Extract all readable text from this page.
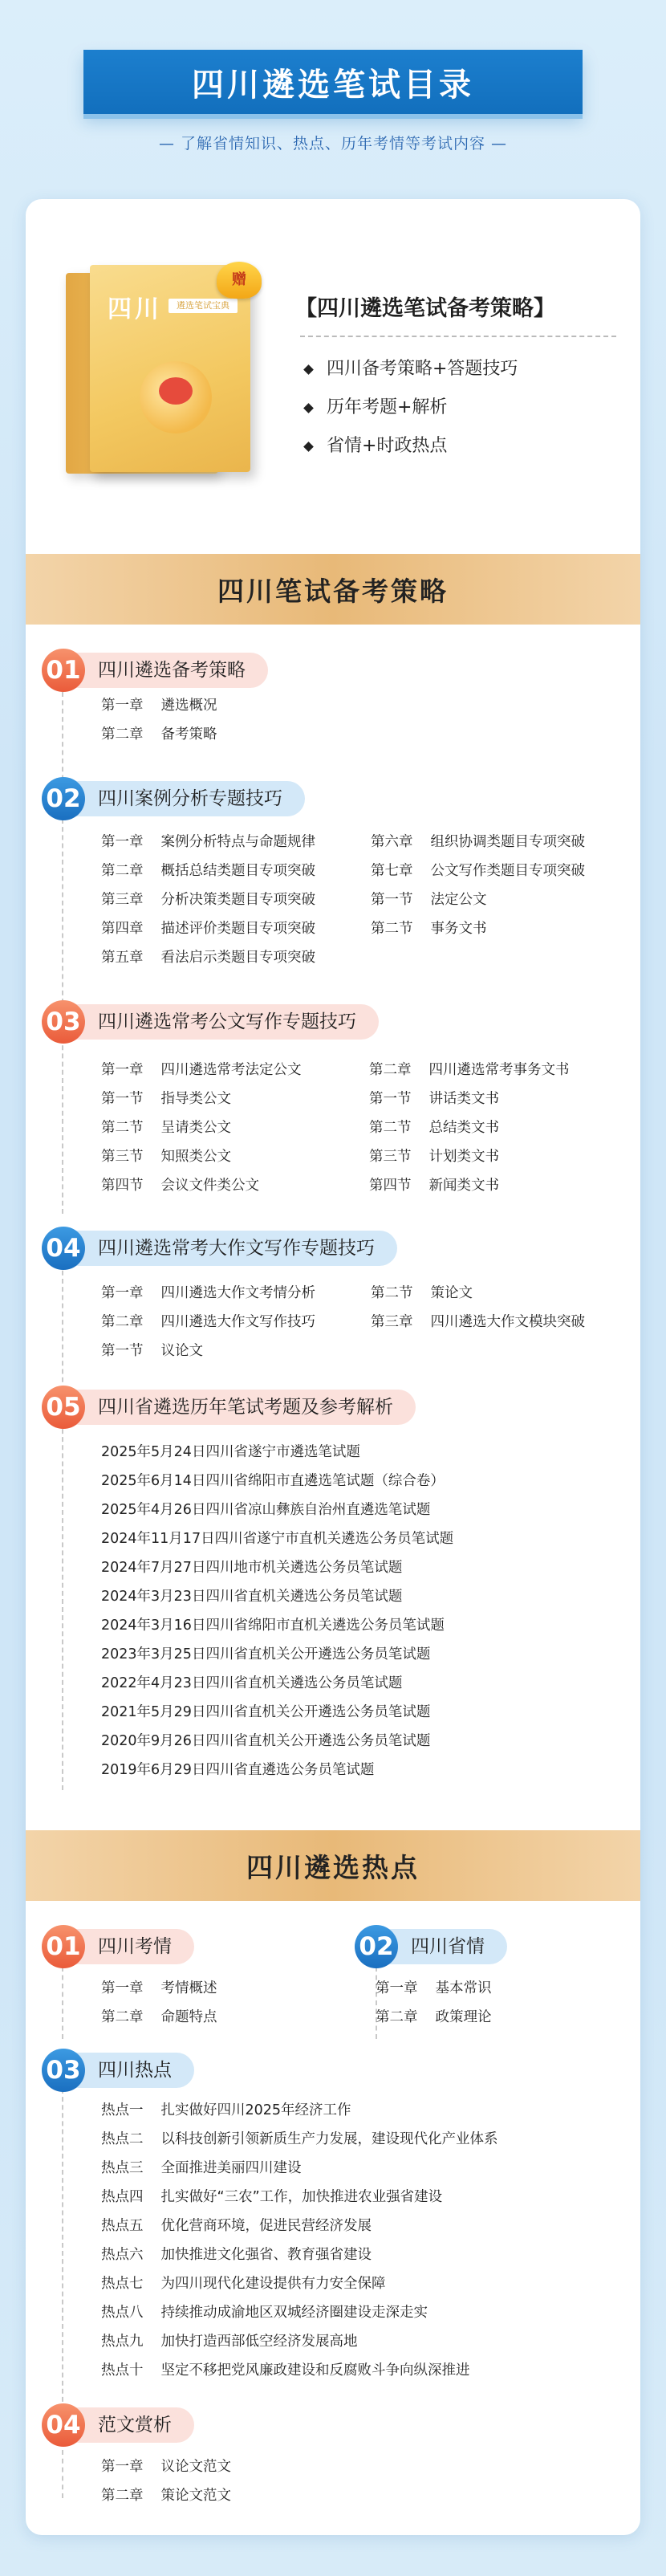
四川遴选笔试目录
— 了解省情知识、热点、历年考情等考试内容 —
四川	遴选笔试宝典
赠
【四川遴选笔试备考策略】
四川备考策略+答题技巧
历年考题+解析
省情+时政热点
四川笔试备考策略
01 四川遴选备考策略
第一章 遴选概况
第二章 备考策略
02 四川案例分析专题技巧
第一章 案例分析特点与命题规律
第二章 概括总结类题目专项突破
第三章 分析决策类题目专项突破
第四章 描述评价类题目专项突破
第五章 看法启示类题目专项突破
第六章 组织协调类题目专项突破
第七章 公文写作类题目专项突破
第一节 法定公文
第二节 事务文书
03 四川遴选常考公文写作专题技巧
第一章 四川遴选常考法定公文
第一节 指导类公文
第二节 呈请类公文
第三节 知照类公文
第四节 会议文件类公文
第二章 四川遴选常考事务文书
第一节 讲话类文书
第二节 总结类文书
第三节 计划类文书
第四节 新闻类文书
04 四川遴选常考大作文写作专题技巧
第一章 四川遴选大作文考情分析
第二章 四川遴选大作文写作技巧
第一节 议论文
第二节 策论文
第三章 四川遴选大作文模块突破
05 四川省遴选历年笔试考题及参考解析
2025年5月24日四川省遂宁市遴选笔试题
2025年6月14日四川省绵阳市直遴选笔试题（综合卷）
2025年4月26日四川省凉山彝族自治州直遴选笔试题
2024年11月17日四川省遂宁市直机关遴选公务员笔试题
2024年7月27日四川地市机关遴选公务员笔试题
2024年3月23日四川省直机关遴选公务员笔试题
2024年3月16日四川省绵阳市直机关遴选公务员笔试题
2023年3月25日四川省直机关公开遴选公务员笔试题
2022年4月23日四川省直机关遴选公务员笔试题
2021年5月29日四川省直机关公开遴选公务员笔试题
2020年9月26日四川省直机关公开遴选公务员笔试题
2019年6月29日四川省直遴选公务员笔试题
四川遴选热点
01 四川考情
第一章 考情概述
第二章 命题特点
02 四川省情
第一章 基本常识
第二章 政策理论
03 四川热点
热点一 扎实做好四川2025年经济工作
热点二 以科技创新引领新质生产力发展，建设现代化产业体系
热点三 全面推进美丽四川建设
热点四 扎实做好“三农”工作，加快推进农业强省建设
热点五 优化营商环境，促进民营经济发展
热点六 加快推进文化强省、教育强省建设
热点七 为四川现代化建设提供有力安全保障
热点八 持续推动成渝地区双城经济圈建设走深走实
热点九 加快打造西部低空经济发展高地
热点十 坚定不移把党风廉政建设和反腐败斗争向纵深推进
04 范文赏析
第一章 议论文范文
第二章 策论文范文
